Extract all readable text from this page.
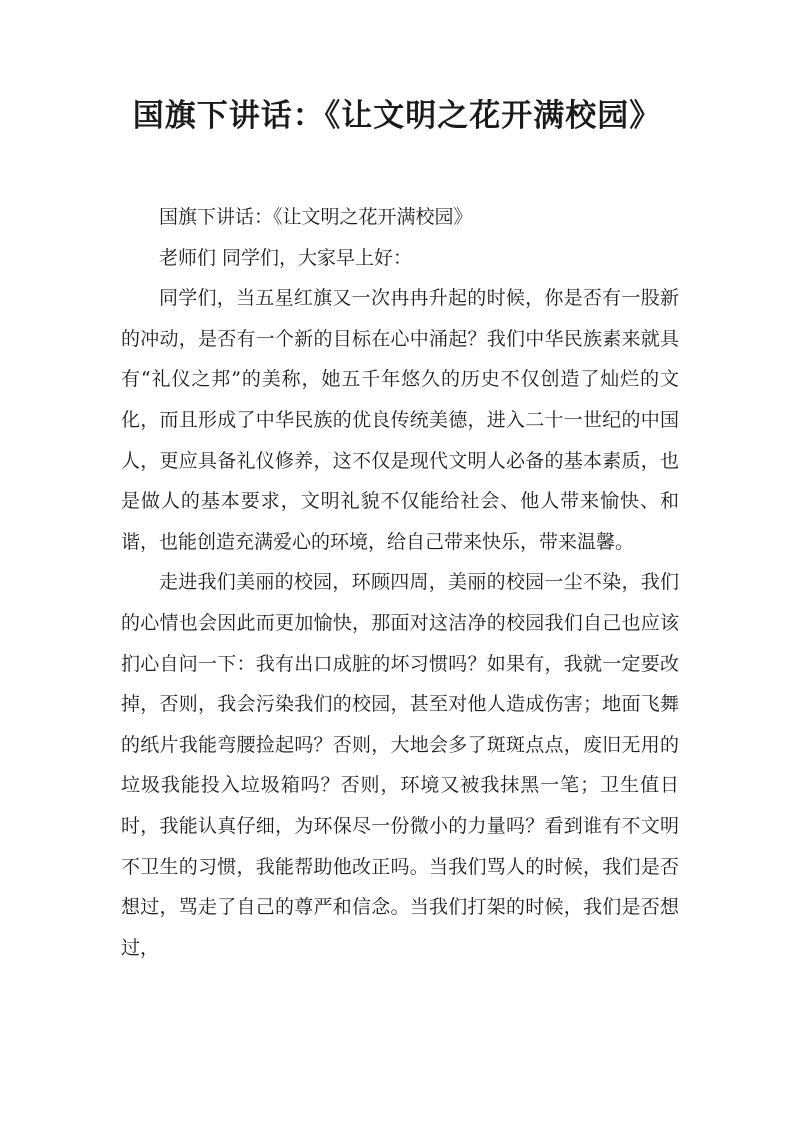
国旗下讲话：《让文明之花开满校园》

国旗下讲话：《让文明之花开满校园》

老师们 同学们，大家早上好：

同学们，当五星红旗又一次冉冉升起的时候，你是否有一股新的冲动，是否有一个新的目标在心中涌起？我们中华民族素来就具有“礼仪之邦”的美称，她五千年悠久的历史不仅创造了灿烂的文化，而且形成了中华民族的优良传统美德，进入二十一世纪的中国人，更应具备礼仪修养，这不仅是现代文明人必备的基本素质，也是做人的基本要求，文明礼貌不仅能给社会、他人带来愉快、和谐，也能创造充满爱心的环境，给自己带来快乐，带来温馨。

走进我们美丽的校园，环顾四周，美丽的校园一尘不染，我们的心情也会因此而更加愉快，那面对这洁净的校园我们自己也应该扪心自问一下：我有出口成脏的坏习惯吗？如果有，我就一定要改掉，否则，我会污染我们的校园，甚至对他人造成伤害；地面飞舞的纸片我能弯腰捡起吗？否则，大地会多了斑斑点点，废旧无用的垃圾我能投入垃圾箱吗？否则，环境又被我抹黑一笔；卫生值日时，我能认真仔细，为环保尽一份微小的力量吗？看到谁有不文明不卫生的习惯，我能帮助他改正吗。当我们骂人的时候，我们是否想过，骂走了自己的尊严和信念。当我们打架的时候，我们是否想过，
